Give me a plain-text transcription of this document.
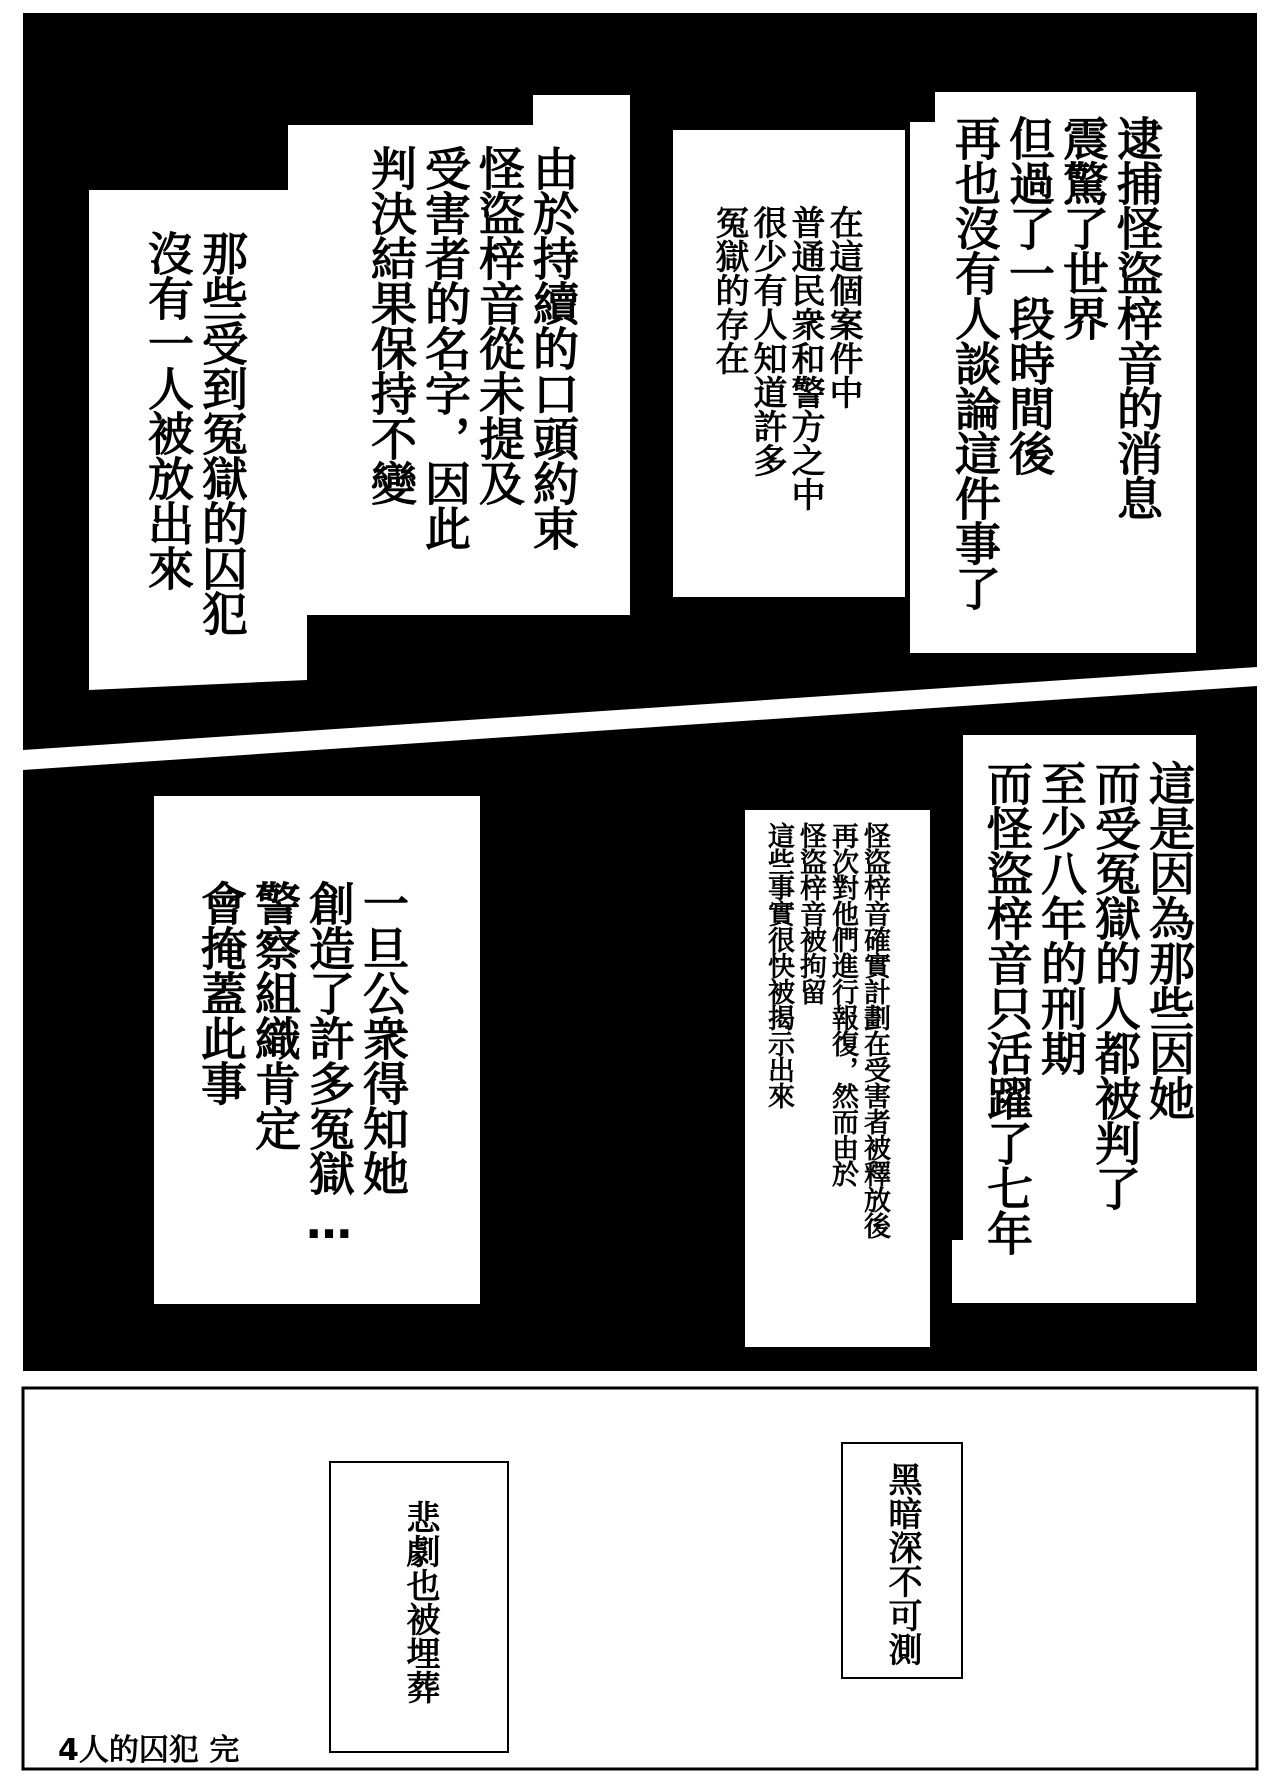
逮捕怪盜梓音的消息
震驚了世界
但過了一段時間後
再也沒有人談論這件事了
在這個案件中
普通民衆和警方之中
很少有人知道許多
冤獄的存在
由於持續的口頭約束
怪盜梓音從未提及
受害者的名字，因此
判決結果保持不變
那些受到冤獄的囚犯
沒有一人被放出來
這是因為那些因她
而受冤獄的人都被判了
至少八年的刑期
而怪盜梓音只活躍了七年
怪盜梓音確實計劃在受害者被釋放後
再次對他們進行報復，然而由於
怪盜梓音被拘留
這些事實很快被揭示出來
一旦公衆得知她
創造了許多冤獄…
警察組織肯定
會掩蓋此事
悲劇也被埋葬	黑暗深不可測
4人的囚犯 完
